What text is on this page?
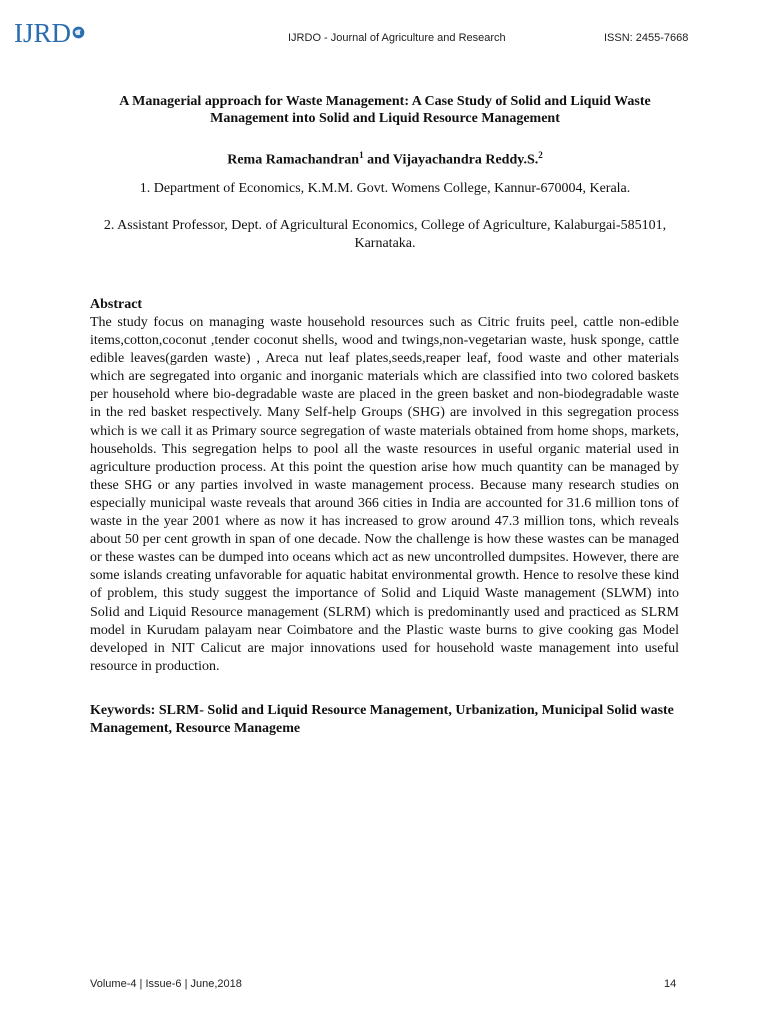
IJRD	IJRDO - Journal of Agriculture and Research	ISSN: 2455-7668
A Managerial approach for Waste Management: A Case Study of Solid and Liquid Waste Management into Solid and Liquid Resource Management
Rema Ramachandran$^1$ and Vijayachandra Reddy.S.$^2$
1. Department of Economics, K.M.M. Govt. Womens College, Kannur-670004, Kerala.
2. Assistant Professor, Dept. of Agricultural Economics, College of Agriculture, Kalaburgai-585101, Karnataka.
Abstract
The study focus on managing waste household resources such as Citric fruits peel, cattle non-edible items,cotton,coconut ,tender coconut shells, wood and twings,non-vegetarian waste, husk sponge, cattle edible leaves(garden waste) , Areca nut leaf plates,seeds,reaper leaf, food waste and other materials which are segregated into organic and inorganic materials which are classified into two colored baskets per household where bio-degradable waste are placed in the green basket and non-biodegradable waste in the red basket respectively. Many Self-help Groups (SHG) are involved in this segregation process which is we call it as Primary source segregation of waste materials obtained from home shops, markets, households. This segregation helps to pool all the waste resources in useful organic material used in agriculture production process. At this point the question arise how much quantity can be managed by these SHG or any parties involved in waste management process. Because many research studies on especially municipal waste reveals that around 366 cities in India are accounted for 31.6 million tons of waste in the year 2001 where as now it has increased to grow around 47.3 million tons, which reveals about 50 per cent growth in span of one decade. Now the challenge is how these wastes can be managed or these wastes can be dumped into oceans which act as new uncontrolled dumpsites. However, there are some islands creating unfavorable for aquatic habitat environmental growth. Hence to resolve these kind of problem, this study suggest the importance of Solid and Liquid Waste management (SLWM) into Solid and Liquid Resource management (SLRM) which is predominantly used and practiced as SLRM model in Kurudam palayam near Coimbatore and the Plastic waste burns to give cooking gas Model developed in NIT Calicut are major innovations used for household waste management into useful resource in production.
Keywords: SLRM- Solid and Liquid Resource Management, Urbanization, Municipal Solid waste Management, Resource Manageme
Volume-4 | Issue-6 | June,2018	14
